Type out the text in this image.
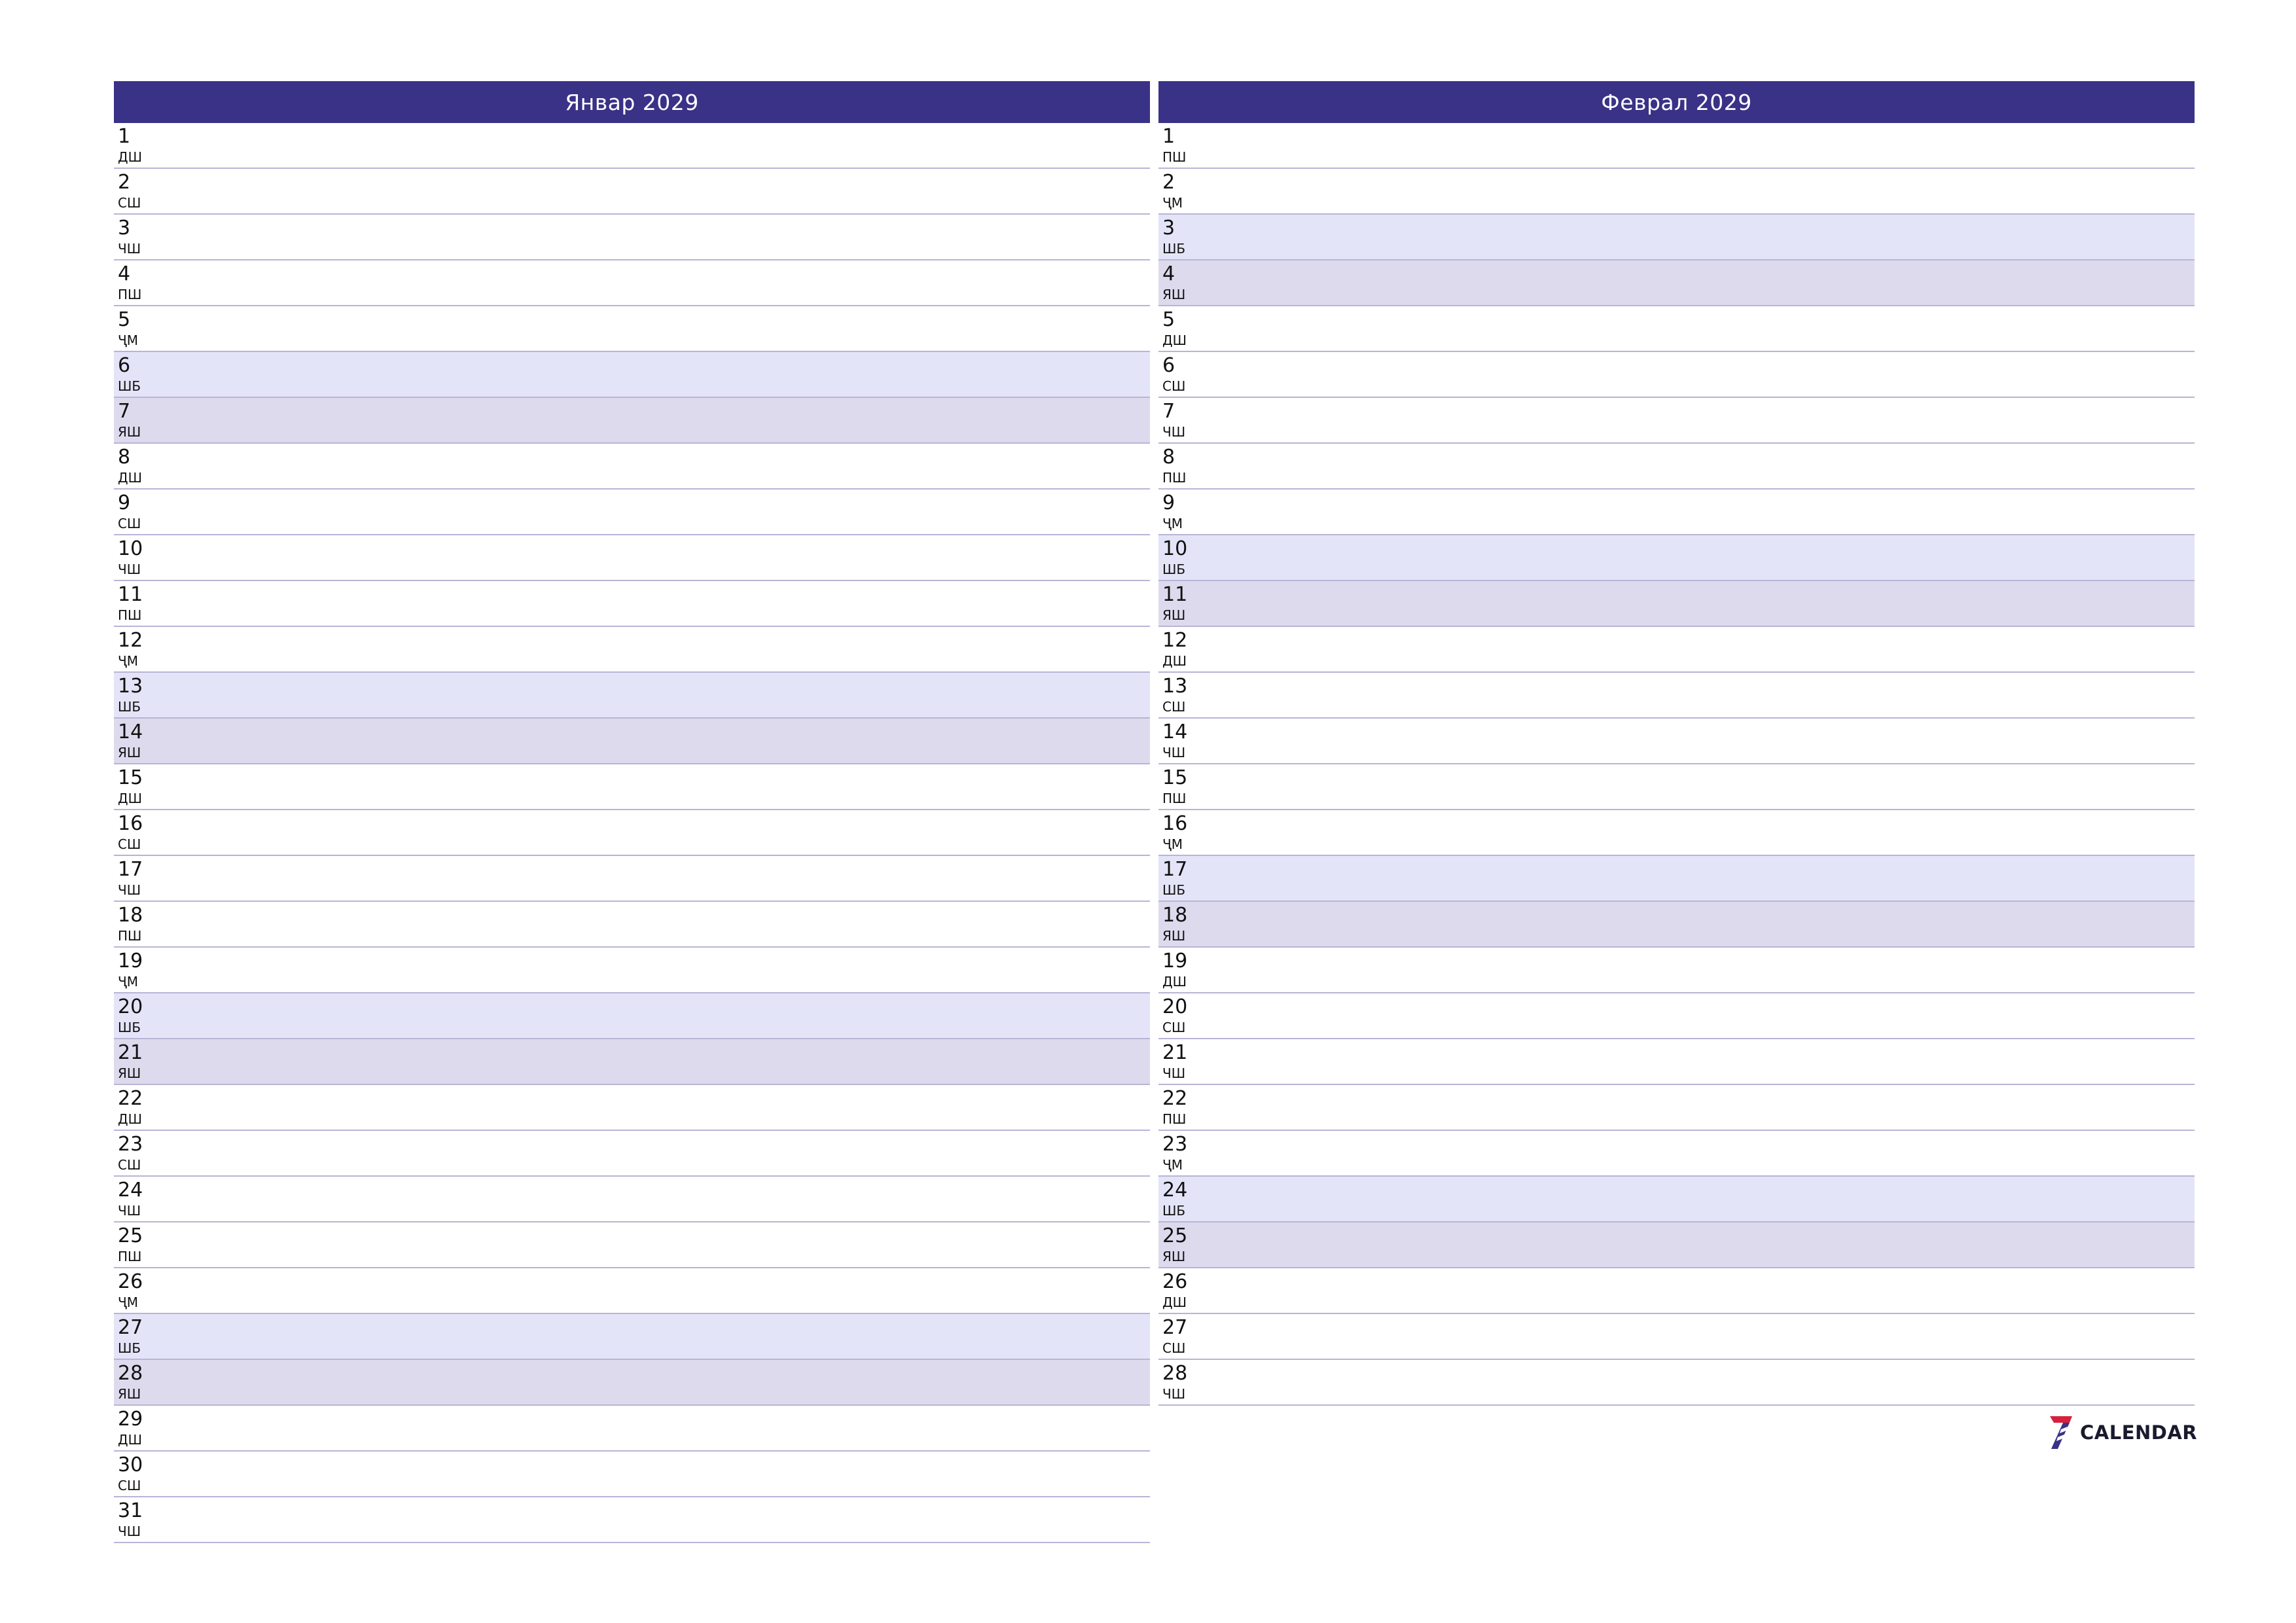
Январ 2029
1
ДШ
2
СШ
3
ЧШ
4
ПШ
5
ҶМ
6
ШБ
7
ЯШ
8
ДШ
9
СШ
10
ЧШ
11
ПШ
12
ҶМ
13
ШБ
14
ЯШ
15
ДШ
16
СШ
17
ЧШ
18
ПШ
19
ҶМ
20
ШБ
21
ЯШ
22
ДШ
23
СШ
24
ЧШ
25
ПШ
26
ҶМ
27
ШБ
28
ЯШ
29
ДШ
30
СШ
31
ЧШ
Феврал 2029
1
ПШ
2
ҶМ
3
ШБ
4
ЯШ
5
ДШ
6
СШ
7
ЧШ
8
ПШ
9
ҶМ
10
ШБ
11
ЯШ
12
ДШ
13
СШ
14
ЧШ
15
ПШ
16
ҶМ
17
ШБ
18
ЯШ
19
ДШ
20
СШ
21
ЧШ
22
ПШ
23
ҶМ
24
ШБ
25
ЯШ
26
ДШ
27
СШ
28
ЧШ
CALENDAR
